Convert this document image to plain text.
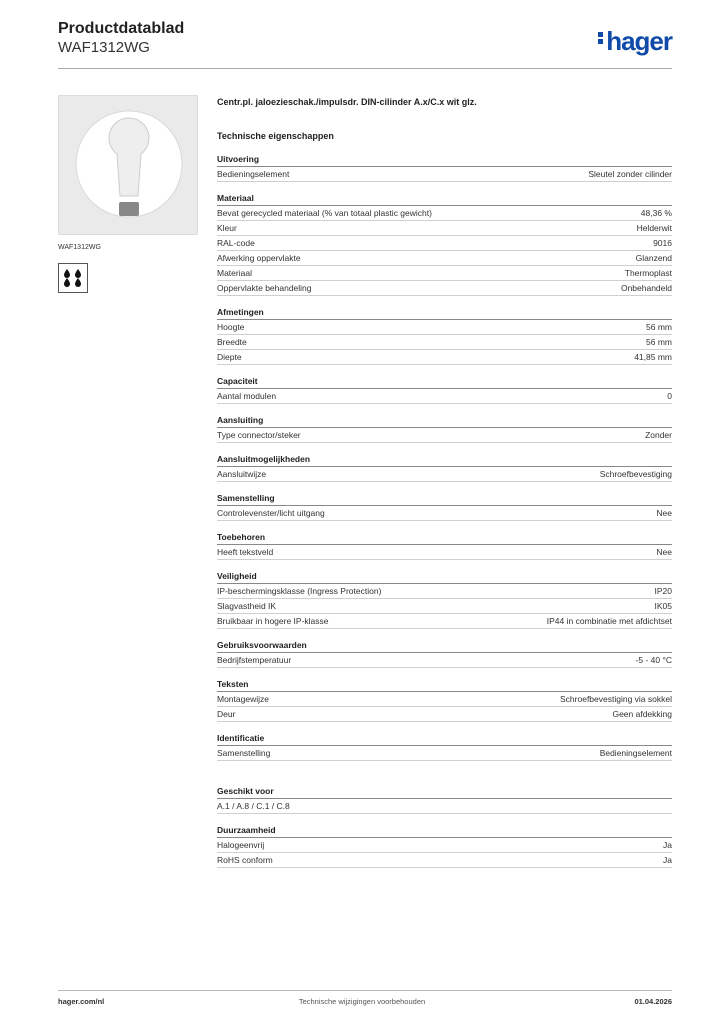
Productdatablad
WAF1312WG	hager
WAF1312WG
Centr.pl. jaloezieschak./impulsdr. DIN-cilinder A.x/C.x wit glz.
Technische eigenschappen
Uitvoering
Bedieningselement	Sleutel zonder cilinder
Materiaal
Bevat gerecycled materiaal (% van totaal plastic gewicht)	48,36 %
Kleur	Helderwit
RAL-code	9016
Afwerking oppervlakte	Glanzend
Materiaal	Thermoplast
Oppervlakte behandeling	Onbehandeld
Afmetingen
Hoogte	56 mm
Breedte	56 mm
Diepte	41,85 mm
Capaciteit
Aantal modulen	0
Aansluiting
Type connector/steker	Zonder
Aansluitmogelijkheden
Aansluitwijze	Schroefbevestiging
Samenstelling
Controlevenster/licht uitgang	Nee
Toebehoren
Heeft tekstveld	Nee
Veiligheid
IP-beschermingsklasse (Ingress Protection)	IP20
Slagvastheid IK	IK05
Bruikbaar in hogere IP-klasse	IP44 in combinatie met afdichtset
Gebruiksvoorwaarden
Bedrijfstemperatuur	-5 - 40 °C
Teksten
Montagewijze	Schroefbevestiging via sokkel
Deur	Geen afdekking
Identificatie
Samenstelling	Bedieningselement
Geschikt voor
A.1 / A.8 / C.1 / C.8
Duurzaamheid
Halogeenvrij	Ja
RoHS conform	Ja
hager.com/nl	Technische wijzigingen voorbehouden	01.04.2026
